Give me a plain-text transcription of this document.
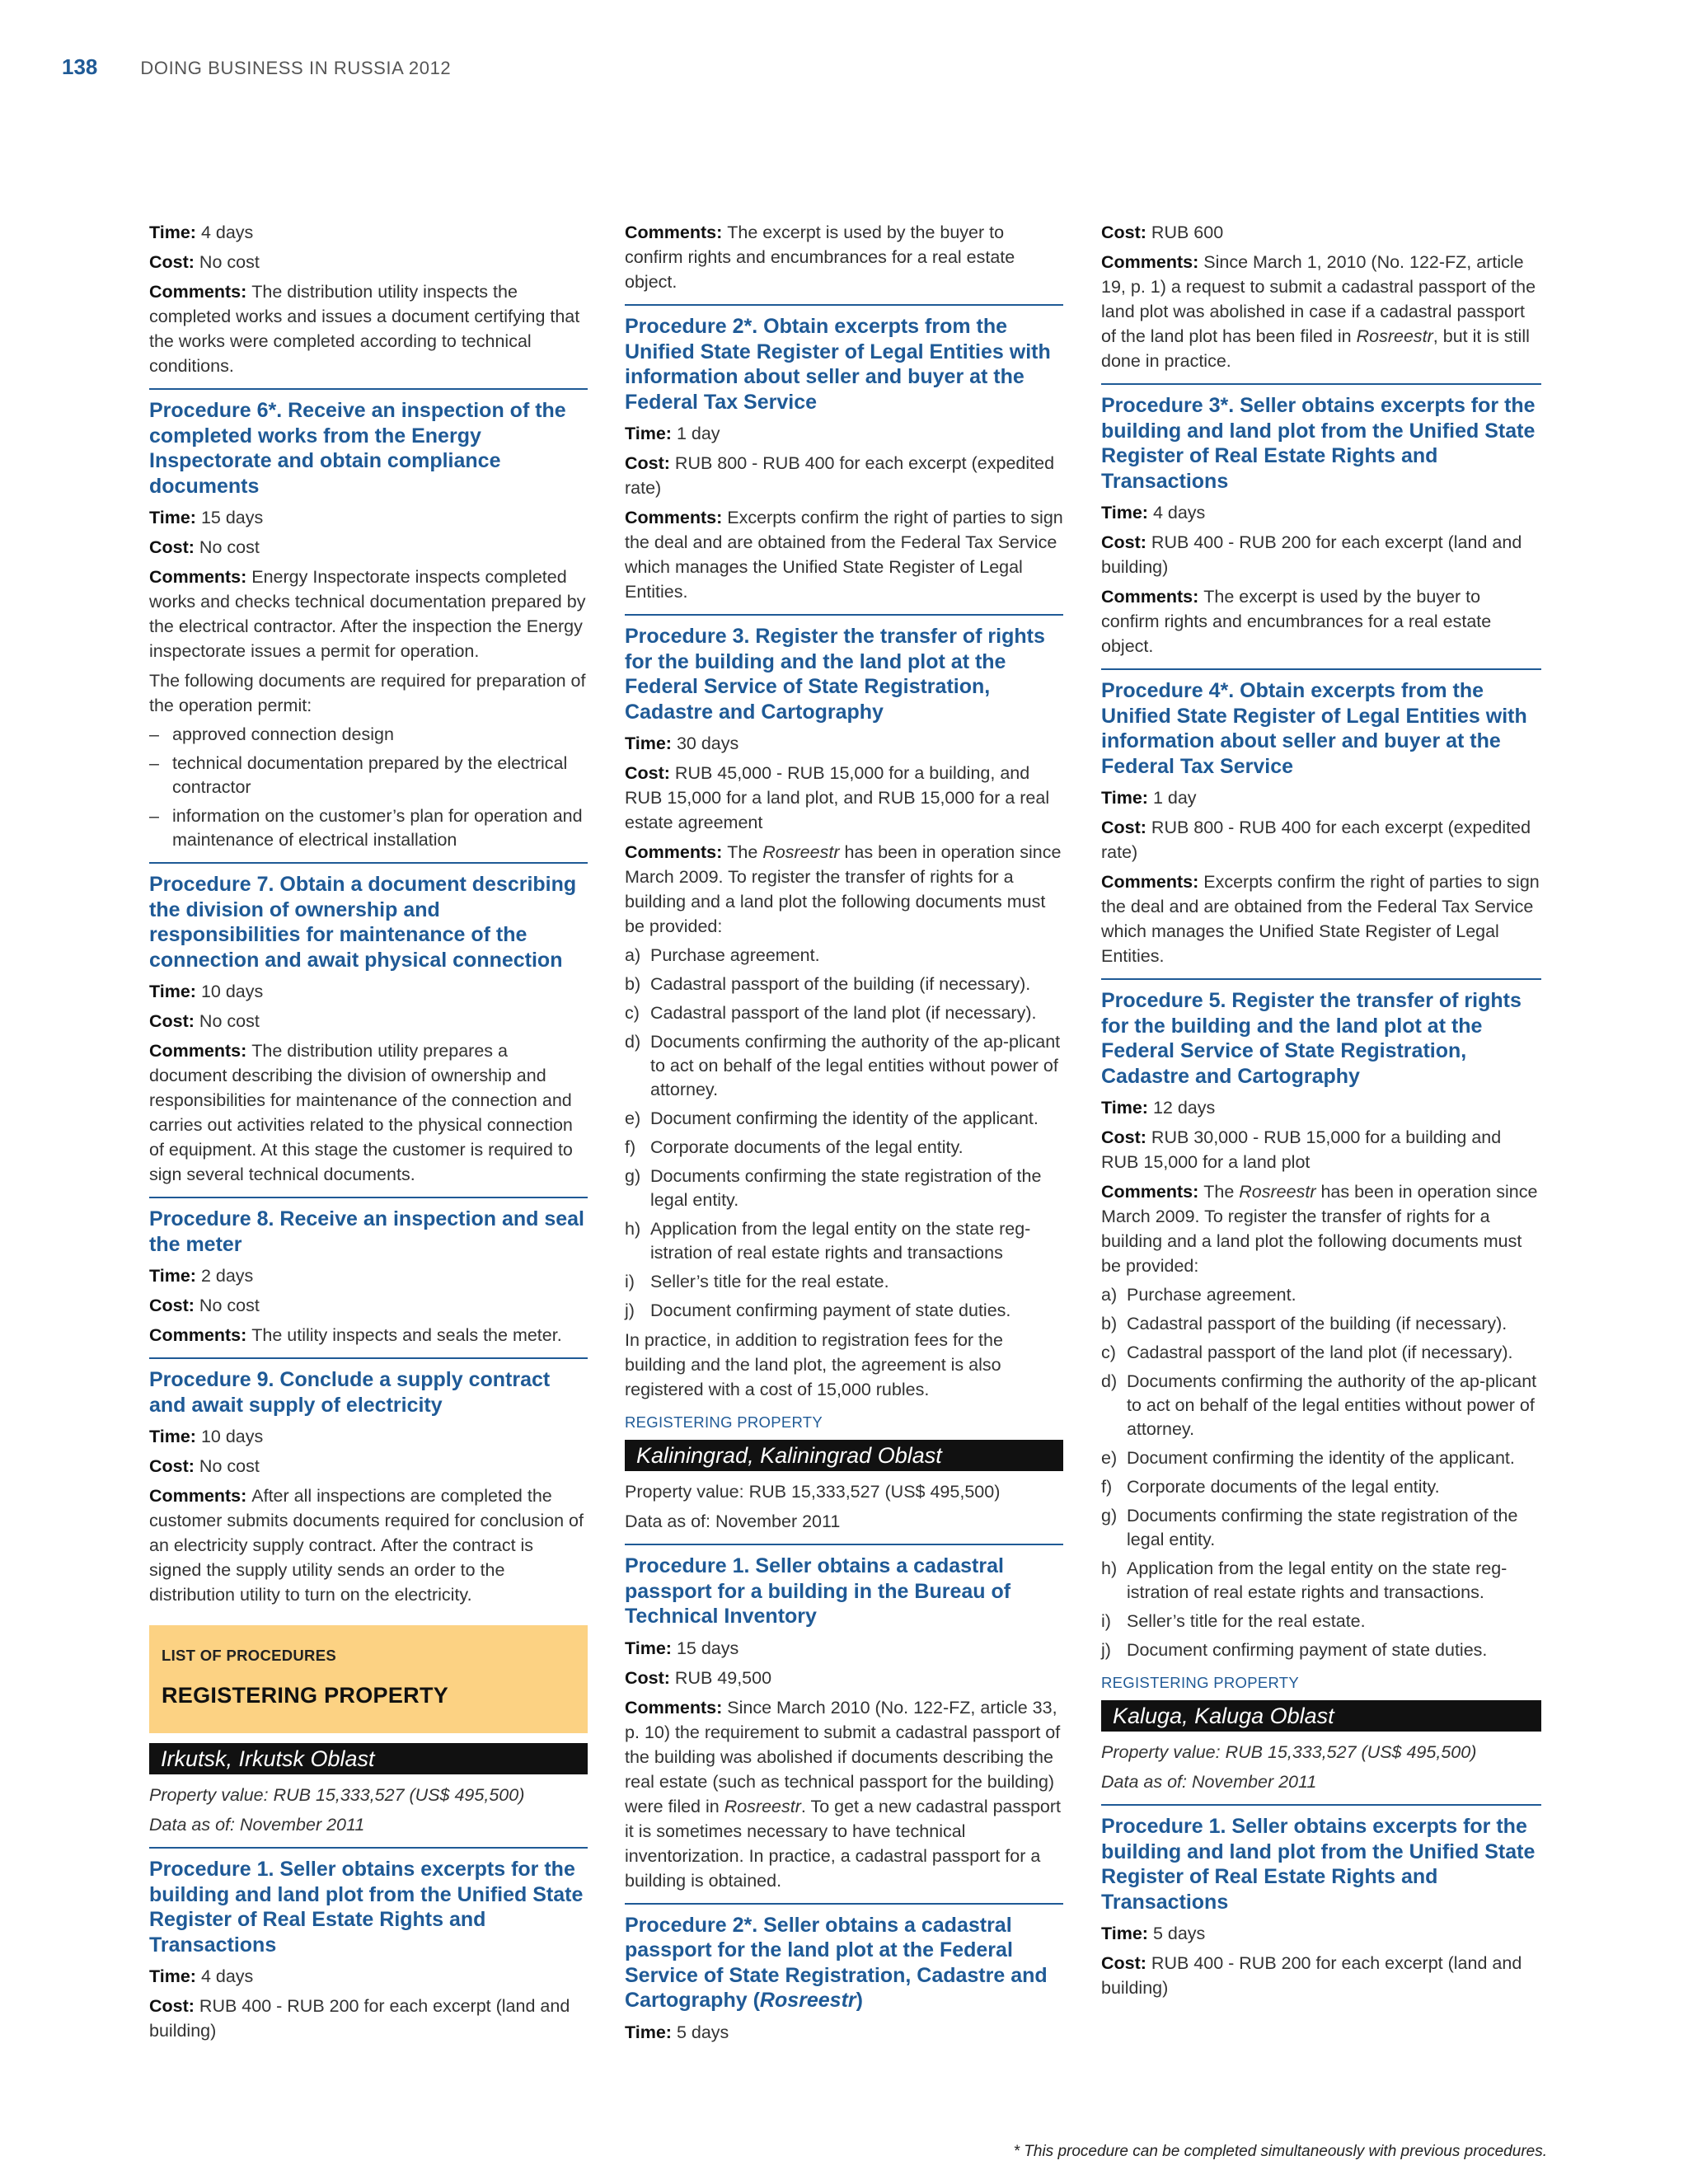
138 DOING BUSINESS IN RUSSIA 2012

Time: 4 days

Cost: No cost

Comments: The distribution utility inspects the completed works and issues a document certifying that the works were completed according to technical conditions.

Procedure 6*. Receive an inspection of the completed works from the Energy Inspectorate and obtain compliance documents

Time: 15 days

Cost: No cost

Comments: Energy Inspectorate inspects completed works and checks technical documentation prepared by the electrical contractor. After the inspection the Energy inspectorate issues a permit for operation.

The following documents are required for preparation of the operation permit:

– approved connection design
– technical documentation prepared by the electrical contractor
– information on the customer’s plan for operation and maintenance of electrical installation
Procedure 7. Obtain a document describing the division of ownership and responsibilities for maintenance of the connection and await physical connection

Time: 10 days

Cost: No cost

Comments: The distribution utility prepares a document describing the division of ownership and responsibilities for maintenance of the connection and carries out activities related to the physical connection of equipment. At this stage the customer is required to sign several technical documents.

Procedure 8. Receive an inspection and seal the meter

Time: 2 days

Cost: No cost

Comments: The utility inspects and seals the meter.

Procedure 9. Conclude a supply contract and await supply of electricity

Time: 10 days

Cost: No cost

Comments: After all inspections are completed the customer submits documents required for conclusion of an electricity supply contract. After the contract is signed the supply utility sends an order to the distribution utility to turn on the electricity.

LIST OF PROCEDURES
REGISTERING PROPERTY
Irkutsk, Irkutsk Oblast
Property value: RUB 15,333,527 (US$ 495,500)
Data as of: November 2011
Procedure 1. Seller obtains excerpts for the building and land plot from the Unified State Register of Real Estate Rights and Transactions

Time: 4 days

Cost: RUB 400 - RUB 200 for each excerpt (land and building)

Comments: The excerpt is used by the buyer to confirm rights and encumbrances for a real estate object.

Procedure 2*. Obtain excerpts from the Unified State Register of Legal Entities with information about seller and buyer at the Federal Tax Service

Time: 1 day

Cost: RUB 800 - RUB 400 for each excerpt (expedited rate)

Comments: Excerpts confirm the right of parties to sign the deal and are obtained from the Federal Tax Service which manages the Unified State Register of Legal Entities.

Procedure 3. Register the transfer of rights for the building and the land plot at the Federal Service of State Registration, Cadastre and Cartography

Time: 30 days

Cost: RUB 45,000 - RUB 15,000 for a building, and RUB 15,000 for a land plot, and RUB 15,000 for a real estate agreement

Comments: The Rosreestr has been in operation since March 2009. To register the transfer of rights for a building and a land plot the following documents must be provided:

a) Purchase agreement.
b) Cadastral passport of the building (if necessary).
c) Cadastral passport of the land plot (if necessary).
d) Documents confirming the authority of the ap-plicant to act on behalf of the legal entities without power of attorney.
e) Document confirming the identity of the applicant.
f) Corporate documents of the legal entity.
g) Documents confirming the state registration of the legal entity.
h) Application from the legal entity on the state reg-istration of real estate rights and transactions
i) Seller’s title for the real estate.
j) Document confirming payment of state duties.

In practice, in addition to registration fees for the building and the land plot, the agreement is also registered with a cost of 15,000 rubles.

REGISTERING PROPERTY
Kaliningrad, Kaliningrad Oblast
Property value: RUB 15,333,527 (US$ 495,500)
Data as of: November 2011
Procedure 1. Seller obtains a cadastral passport for a building in the Bureau of Technical Inventory

Time: 15 days

Cost: RUB 49,500

Comments: Since March 2010 (No. 122-FZ, article 33, p. 10) the requirement to submit a cadastral passport of the building was abolished if documents describing the real estate (such as technical passport for the building) were filed in Rosreestr. To get a new cadastral passport it is sometimes necessary to have technical inventorization. In practice, a cadastral passport for a building is obtained.

Procedure 2*. Seller obtains a cadastral passport for the land plot at the Federal Service of State Registration, Cadastre and Cartography (Rosreestr)

Time: 5 days

Cost: RUB 600

Comments: Since March 1, 2010 (No. 122-FZ, article 19, p. 1) a request to submit a cadastral passport of the land plot was abolished in case if a cadastral passport of the land plot has been filed in Rosreestr, but it is still done in practice.

Procedure 3*. Seller obtains excerpts for the building and land plot from the Unified State Register of Real Estate Rights and Transactions

Time: 4 days

Cost: RUB 400 - RUB 200 for each excerpt (land and building)

Comments: The excerpt is used by the buyer to confirm rights and encumbrances for a real estate object.

Procedure 4*. Obtain excerpts from the Unified State Register of Legal Entities with information about seller and buyer at the Federal Tax Service

Time: 1 day

Cost: RUB 800 - RUB 400 for each excerpt (expedited rate)

Comments: Excerpts confirm the right of parties to sign the deal and are obtained from the Federal Tax Service which manages the Unified State Register of Legal Entities.

Procedure 5. Register the transfer of rights for the building and the land plot at the Federal Service of State Registration, Cadastre and Cartography

Time: 12 days

Cost: RUB 30,000 - RUB 15,000 for a building and RUB 15,000 for a land plot

Comments: The Rosreestr has been in operation since March 2009. To register the transfer of rights for a building and a land plot the following documents must be provided:

a) Purchase agreement.
b) Cadastral passport of the building (if necessary).
c) Cadastral passport of the land plot (if necessary).
d) Documents confirming the authority of the ap-plicant to act on behalf of the legal entities without power of attorney.
e) Document confirming the identity of the applicant.
f) Corporate documents of the legal entity.
g) Documents confirming the state registration of the legal entity.
h) Application from the legal entity on the state reg-istration of real estate rights and transactions.
i) Seller’s title for the real estate.
j) Document confirming payment of state duties.
REGISTERING PROPERTY
Kaluga, Kaluga Oblast
Property value: RUB 15,333,527 (US$ 495,500)
Data as of: November 2011
Procedure 1. Seller obtains excerpts for the building and land plot from the Unified State Register of Real Estate Rights and Transactions

Time: 5 days

Cost: RUB 400 - RUB 200 for each excerpt (land and building)

* This procedure can be completed simultaneously with previous procedures.
